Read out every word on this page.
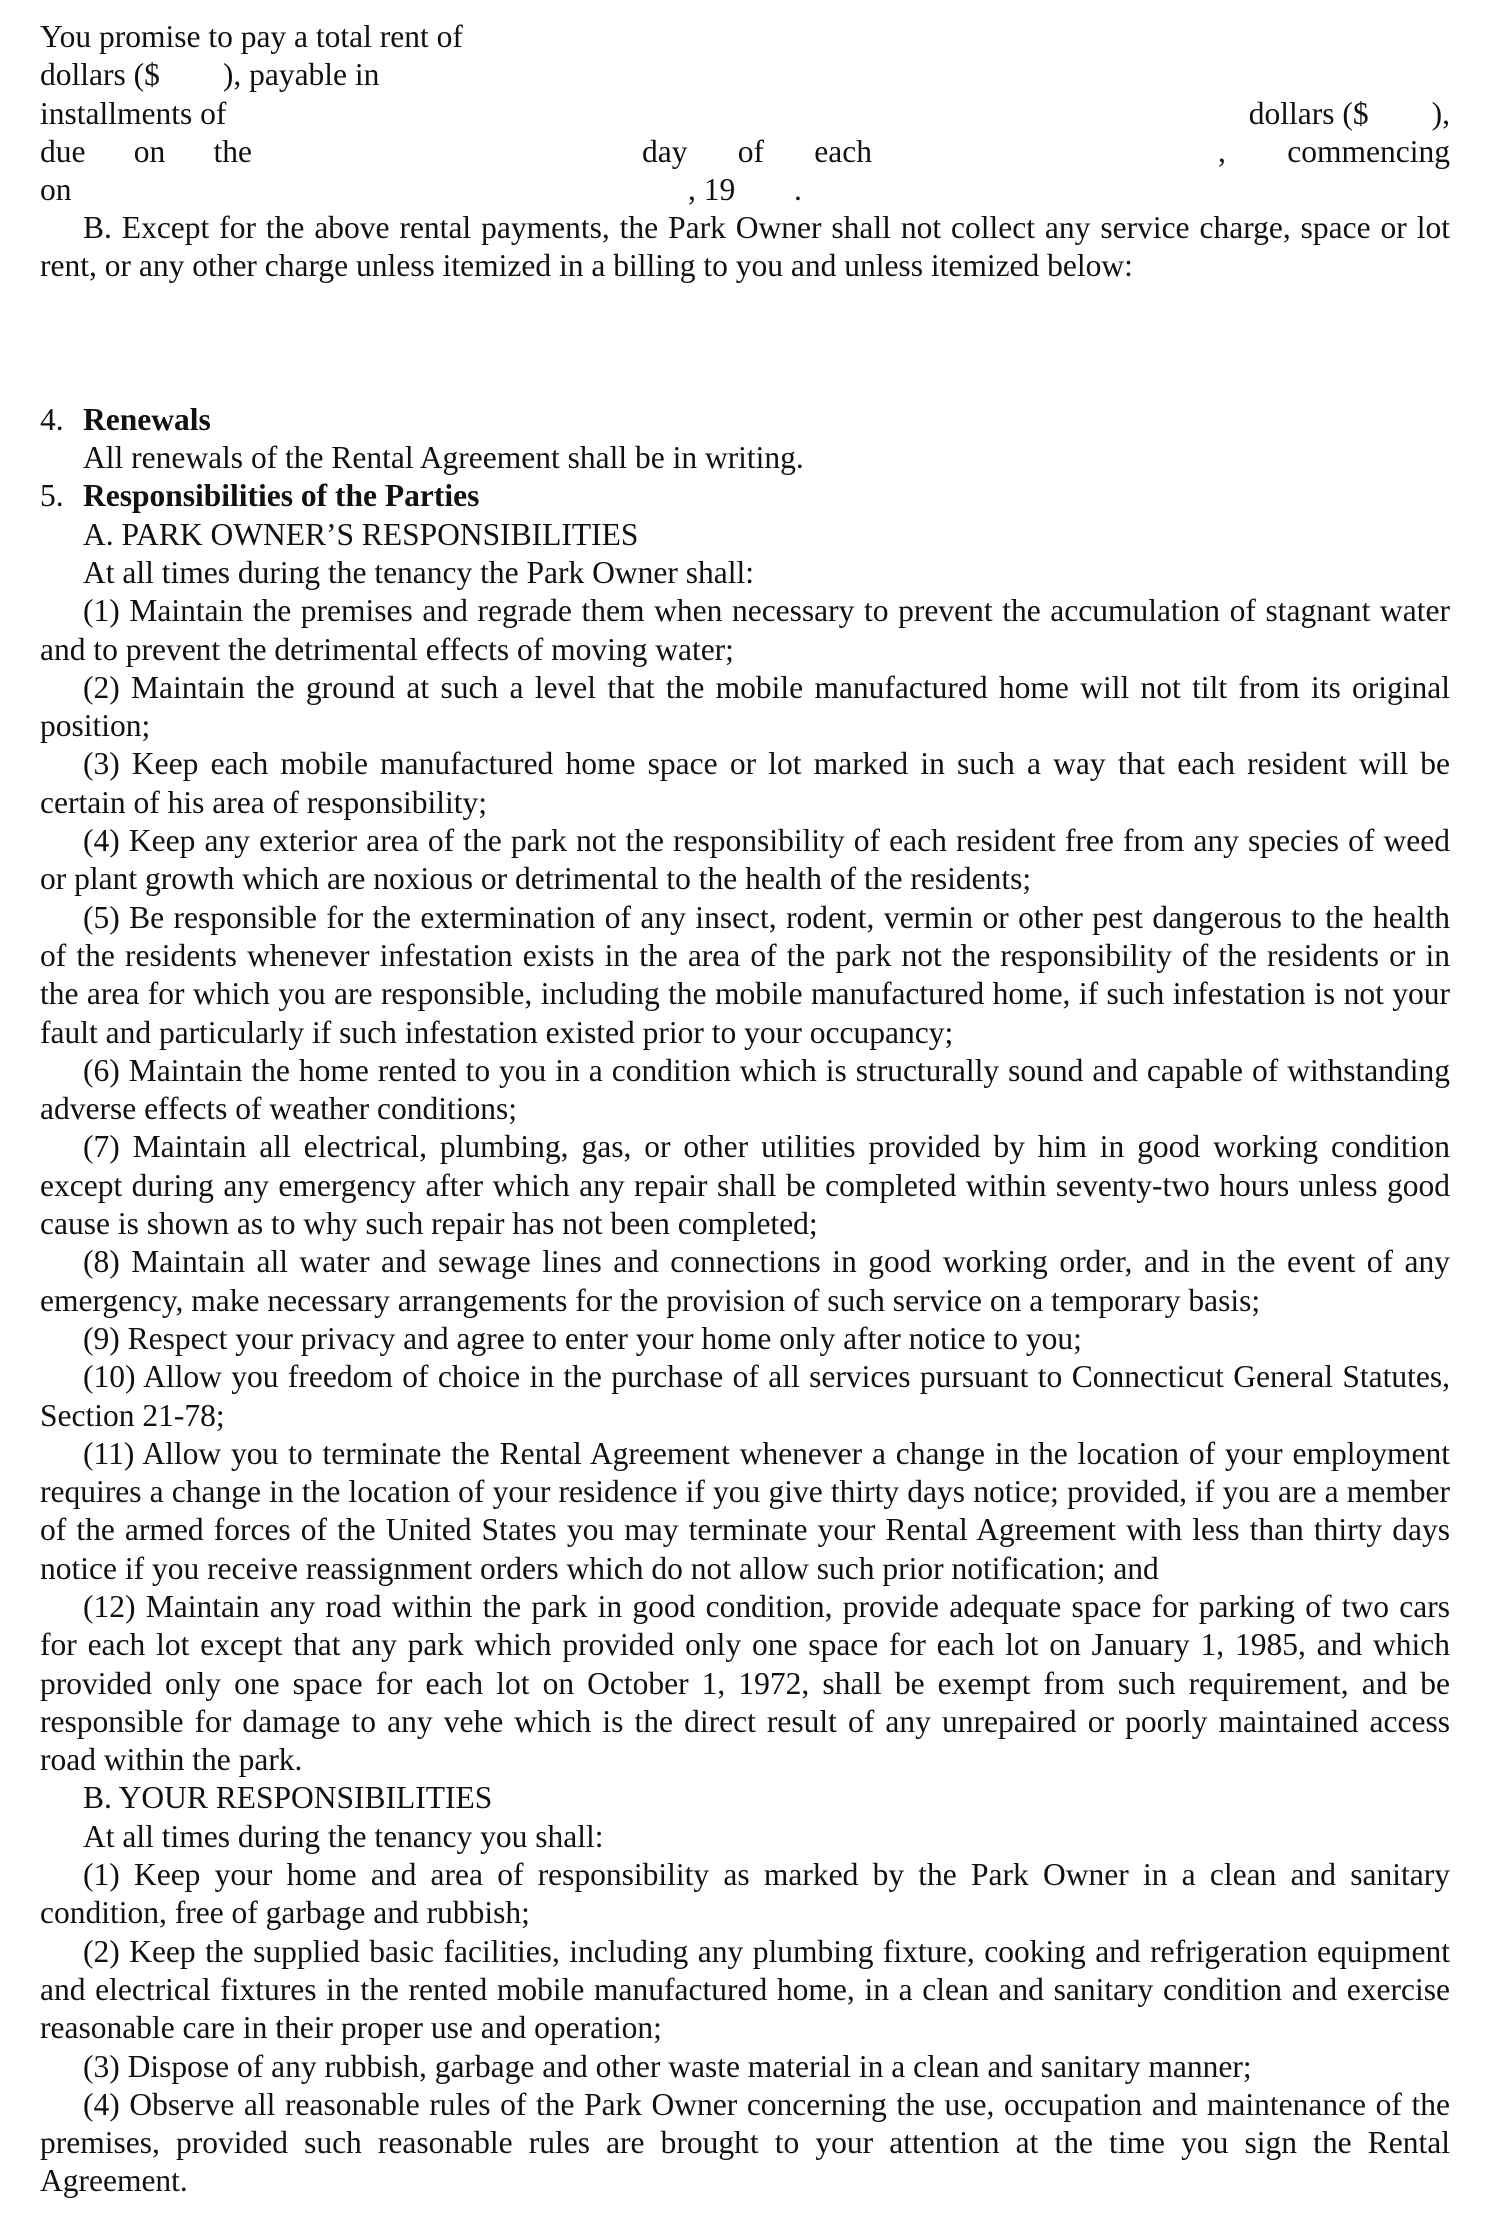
You promise to pay a total rent of

dollars ($        ), payable in

installments of	dollars ($        ),
due on the	day of each	, commencing
on	, 19 .

B. Except for the above rental payments, the Park Owner shall not collect any service charge, space or lot rent, or any other charge unless itemized in a billing to you and unless itemized below:

4. Renewals

All renewals of the Rental Agreement shall be in writing.

5. Responsibilities of the Parties

A. PARK OWNER’S RESPONSIBILITIES

At all times during the tenancy the Park Owner shall:

(1) Maintain the premises and regrade them when necessary to prevent the accumulation of stagnant water and to prevent the detrimental effects of moving water;

(2) Maintain the ground at such a level that the mobile manufactured home will not tilt from its original position;

(3) Keep each mobile manufactured home space or lot marked in such a way that each resident will be certain of his area of responsibility;

(4) Keep any exterior area of the park not the responsibility of each resident free from any species of weed or plant growth which are noxious or detrimental to the health of the residents;

(5) Be responsible for the extermination of any insect, rodent, vermin or other pest dangerous to the health of the residents whenever infestation exists in the area of the park not the responsibility of the residents or in the area for which you are responsible, including the mobile manufactured home, if such infestation is not your fault and particularly if such infestation existed prior to your occupancy;

(6) Maintain the home rented to you in a condition which is structurally sound and capable of withstanding adverse effects of weather conditions;

(7) Maintain all electrical, plumbing, gas, or other utilities provided by him in good working condition except during any emergency after which any repair shall be completed within seventy-two hours unless good cause is shown as to why such repair has not been completed;

(8) Maintain all water and sewage lines and connections in good working order, and in the event of any emergency, make necessary arrangements for the provision of such service on a temporary basis;

(9) Respect your privacy and agree to enter your home only after notice to you;

(10) Allow you freedom of choice in the purchase of all services pursuant to Connecticut General Statutes, Section 21-78;

(11) Allow you to terminate the Rental Agreement whenever a change in the location of your employment requires a change in the location of your residence if you give thirty days notice; provided, if you are a member of the armed forces of the United States you may terminate your Rental Agreement with less than thirty days notice if you receive reassignment orders which do not allow such prior notification; and

(12) Maintain any road within the park in good condition, provide adequate space for parking of two cars for each lot except that any park which provided only one space for each lot on January 1, 1985, and which provided only one space for each lot on October 1, 1972, shall be exempt from such requirement, and be responsible for damage to any vehe which is the direct result of any unrepaired or poorly maintained access road within the park.

B. YOUR RESPONSIBILITIES

At all times during the tenancy you shall:

(1) Keep your home and area of responsibility as marked by the Park Owner in a clean and sanitary condition, free of garbage and rubbish;

(2) Keep the supplied basic facilities, including any plumbing fixture, cooking and refrigeration equipment and electrical fixtures in the rented mobile manufactured home, in a clean and sanitary condition and exercise reasonable care in their proper use and operation;

(3) Dispose of any rubbish, garbage and other waste material in a clean and sanitary manner;

(4) Observe all reasonable rules of the Park Owner concerning the use, occupation and maintenance of the premises, provided such reasonable rules are brought to your attention at the time you sign the Rental Agreement.
